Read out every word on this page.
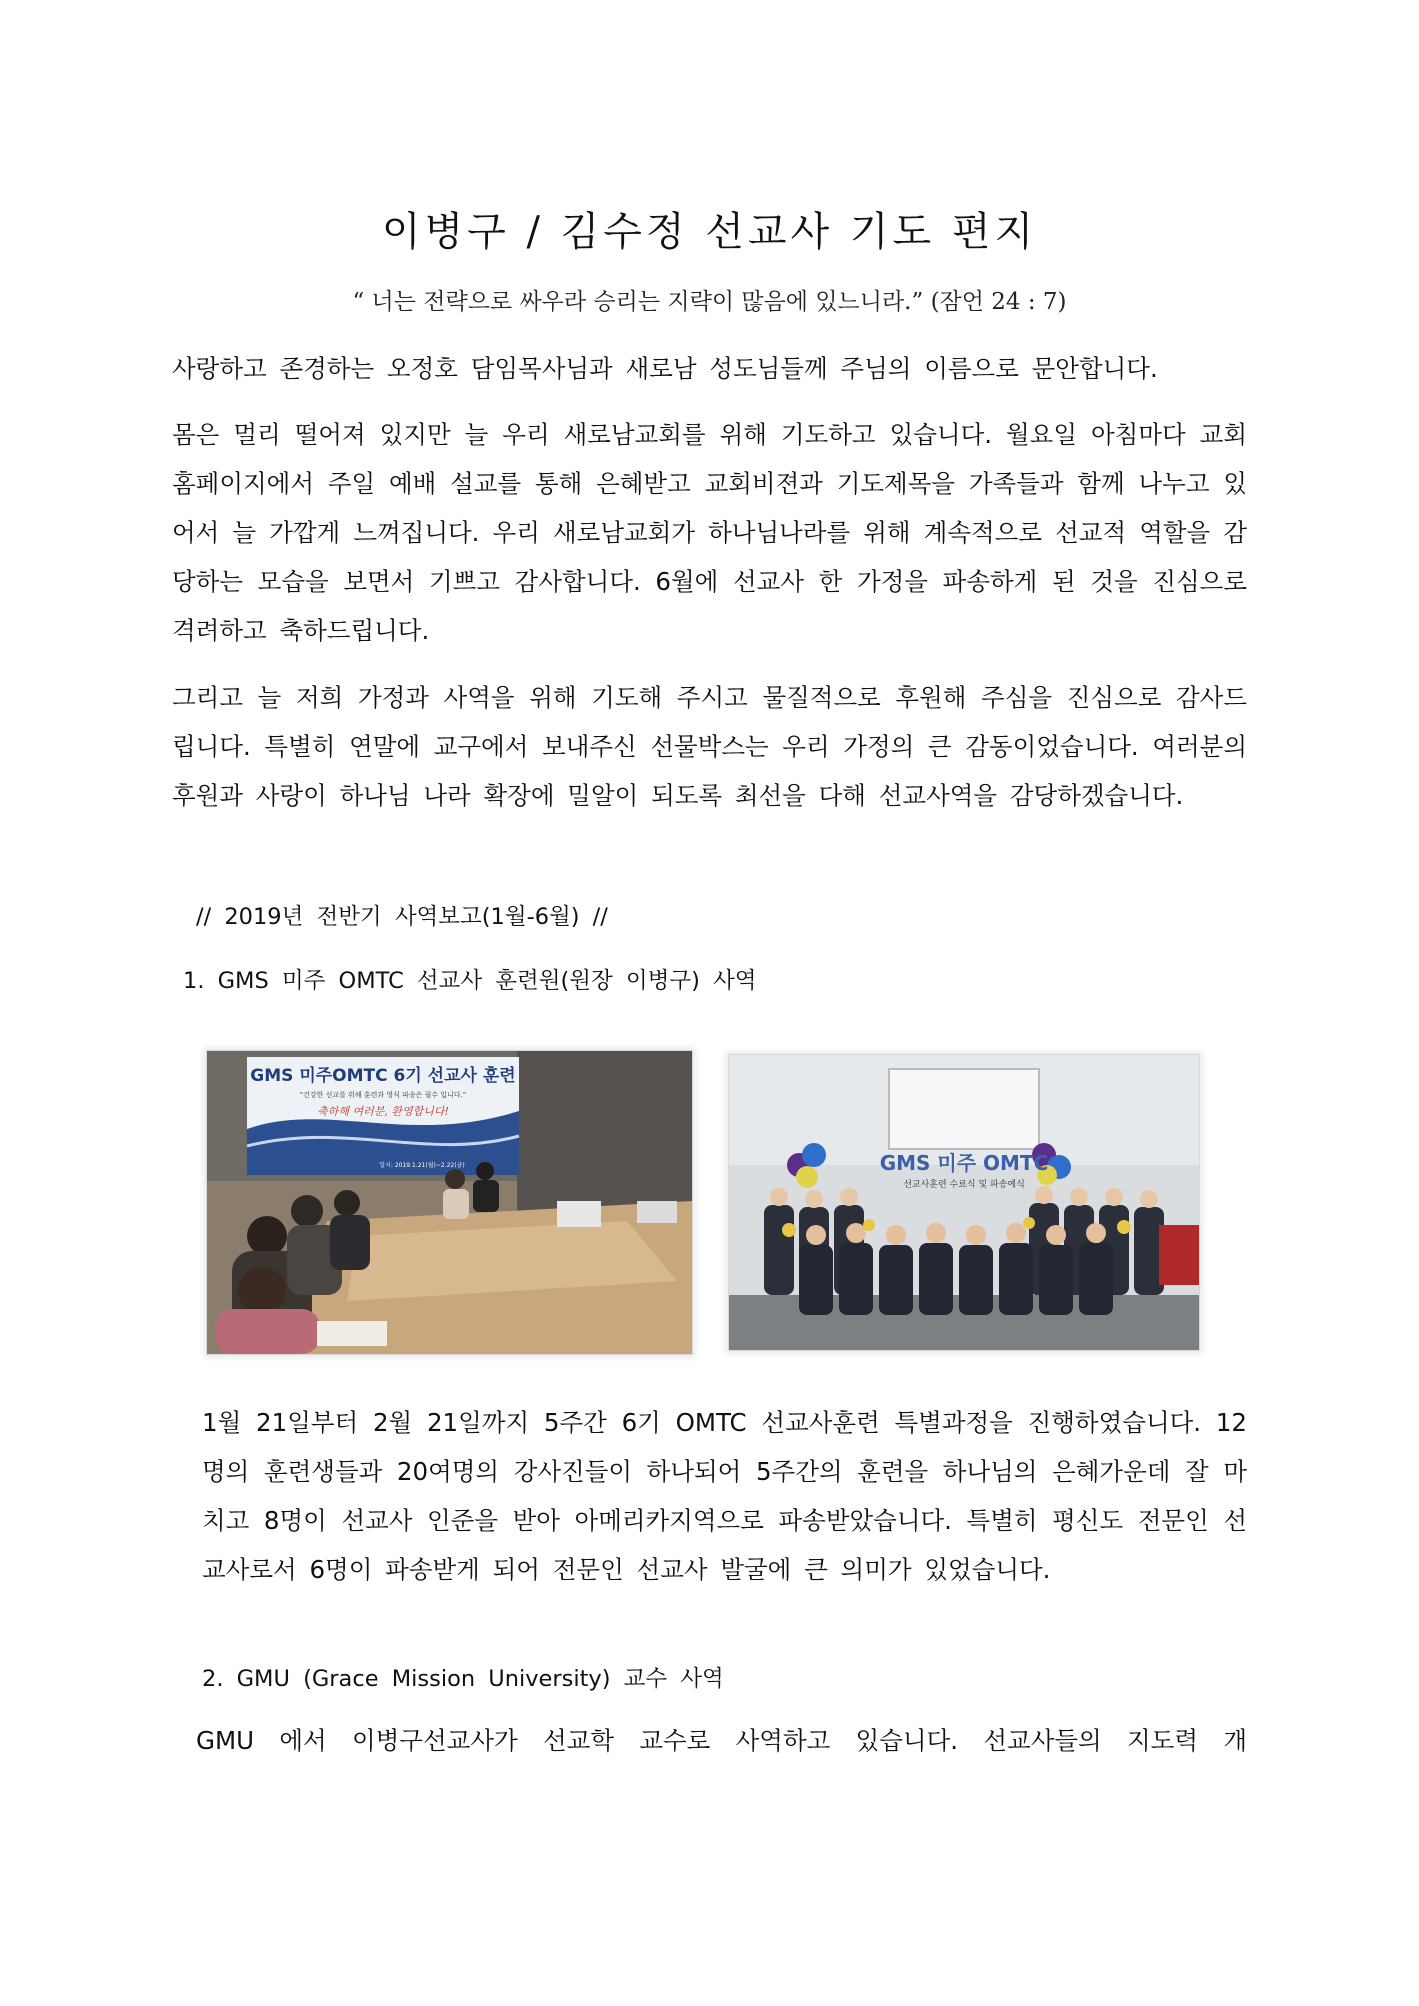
이병구 / 김수정 선교사 기도 편지
“ 너는 전략으로 싸우라 승리는 지략이 많음에 있느니라.” (잠언 24 : 7)
사랑하고 존경하는 오정호 담임목사님과 새로남 성도님들께 주님의 이름으로 문안합니다.
몸은 멀리 떨어져 있지만 늘 우리 새로남교회를 위해 기도하고 있습니다. 월요일 아침마다 교회 홈페이지에서 주일 예배 설교를 통해 은혜받고 교회비젼과 기도제목을 가족들과 함께 나누고 있어서 늘 가깝게 느껴집니다. 우리 새로남교회가 하나님나라를 위해 계속적으로 선교적 역할을 감당하는 모습을 보면서 기쁘고 감사합니다. 6월에 선교사 한 가정을 파송하게 된 것을 진심으로 격려하고 축하드립니다.
그리고 늘 저희 가정과 사역을 위해 기도해 주시고 물질적으로 후원해 주심을 진심으로 감사드립니다. 특별히 연말에 교구에서 보내주신 선물박스는 우리 가정의 큰 감동이었습니다. 여러분의 후원과 사랑이 하나님 나라 확장에 밀알이 되도록 최선을 다해 선교사역을 감당하겠습니다.
// 2019년 전반기 사역보고(1월-6월) //
1. GMS 미주 OMTC 선교사 훈련원(원장 이병구) 사역
GMS 미주OMTC 6기 선교사 훈련
"건강한 선교를 위해 훈련과 영식 파송은 필수 입니다."
축하해 여러분, 환영합니다!
일시: 2019.1.21(월)~2.22(금)	GMS 미주 OMTC
선교사훈련 수료식 및 파송예식
1월 21일부터 2월 21일까지 5주간 6기 OMTC 선교사훈련 특별과정을 진행하였습니다. 12명의 훈련생들과 20여명의 강사진들이 하나되어 5주간의 훈련을 하나님의 은혜가운데 잘 마치고 8명이 선교사 인준을 받아 아메리카지역으로 파송받았습니다. 특별히 평신도 전문인 선교사로서 6명이 파송받게 되어 전문인 선교사 발굴에 큰 의미가 있었습니다.
2. GMU (Grace Mission University) 교수 사역
GMU 에서 이병구선교사가 선교학 교수로 사역하고 있습니다. 선교사들의 지도력 개
